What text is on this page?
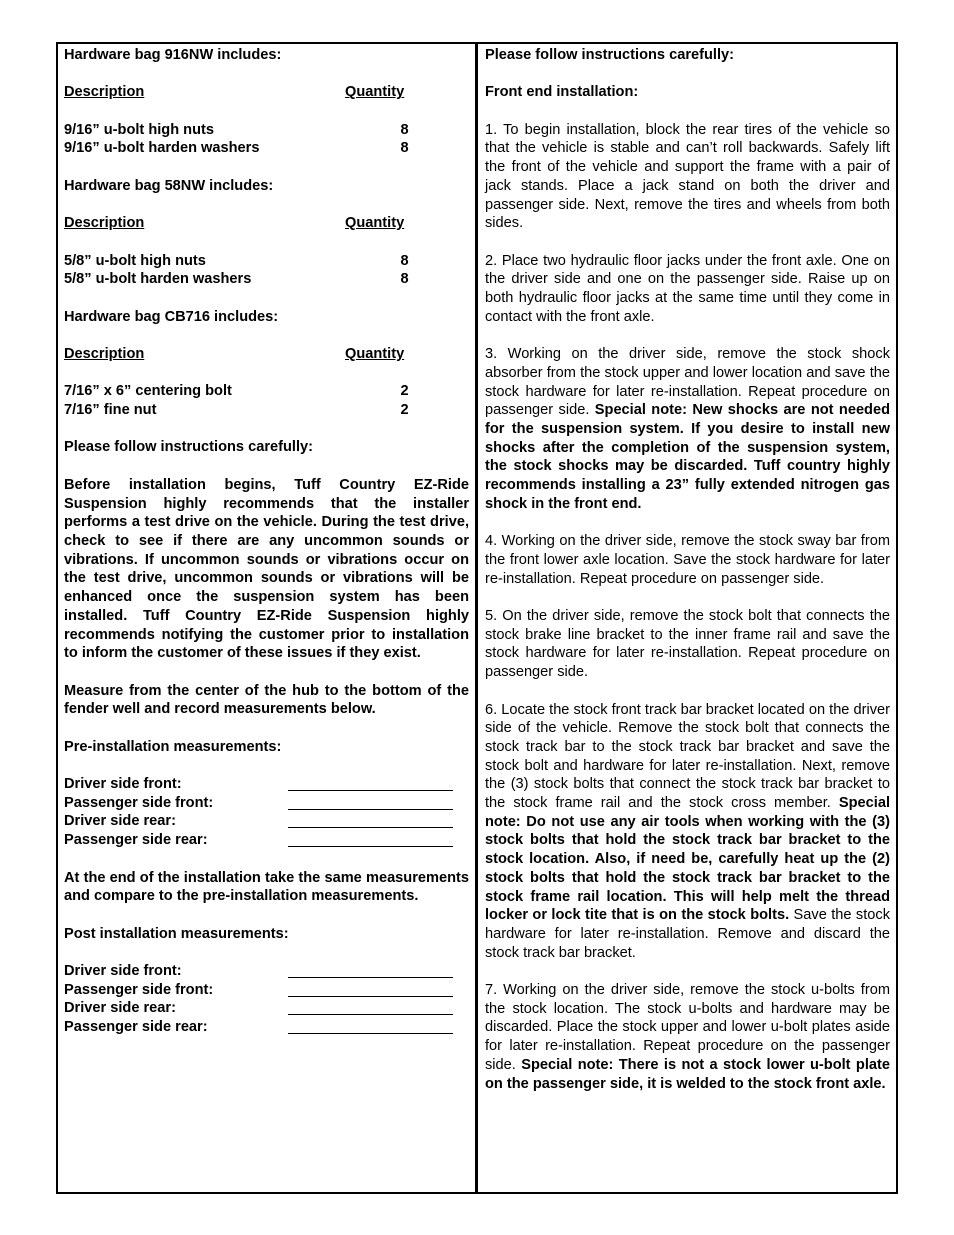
Hardware bag 916NW includes:

Description	Quantity
9/16” u-bolt high nuts	8
9/16” u-bolt harden washers	8

Hardware bag 58NW includes:

Description	Quantity
5/8” u-bolt high nuts	8
5/8” u-bolt harden washers	8

Hardware bag CB716 includes:

Description	Quantity
7/16” x 6” centering bolt	2
7/16” fine nut	2

Please follow instructions carefully:

Before installation begins, Tuff Country EZ-Ride Suspension highly recommends that the installer performs a test drive on the vehicle. During the test drive, check to see if there are any uncommon sounds or vibrations. If uncommon sounds or vibrations occur on the test drive, uncommon sounds or vibrations will be enhanced once the suspension system has been installed. Tuff Country EZ-Ride Suspension highly recommends notifying the customer prior to installation to inform the customer of these issues if they exist.

Measure from the center of the hub to the bottom of the fender well and record measurements below.

Pre-installation measurements:

Driver side front:
Passenger side front:
Driver side rear:
Passenger side rear:

At the end of the installation take the same measurements and compare to the pre-installation measurements.

Post installation measurements:

Driver side front:
Passenger side front:
Driver side rear:
Passenger side rear:

Please follow instructions carefully:

Front end installation:

1. To begin installation, block the rear tires of the vehicle so that the vehicle is stable and can’t roll backwards. Safely lift the front of the vehicle and support the frame with a pair of jack stands. Place a jack stand on both the driver and passenger side. Next, remove the tires and wheels from both sides.

2. Place two hydraulic floor jacks under the front axle. One on the driver side and one on the passenger side. Raise up on both hydraulic floor jacks at the same time until they come in contact with the front axle.

3. Working on the driver side, remove the stock shock absorber from the stock upper and lower location and save the stock hardware for later re-installation. Repeat procedure on passenger side. Special note: New shocks are not needed for the suspension system. If you desire to install new shocks after the completion of the suspension system, the stock shocks may be discarded. Tuff country highly recommends installing a 23” fully extended nitrogen gas shock in the front end.

4. Working on the driver side, remove the stock sway bar from the front lower axle location. Save the stock hardware for later re-installation. Repeat procedure on passenger side.

5. On the driver side, remove the stock bolt that connects the stock brake line bracket to the inner frame rail and save the stock hardware for later re-installation. Repeat procedure on passenger side.

6. Locate the stock front track bar bracket located on the driver side of the vehicle. Remove the stock bolt that connects the stock track bar to the stock track bar bracket and save the stock bolt and hardware for later re-installation. Next, remove the (3) stock bolts that connect the stock track bar bracket to the stock frame rail and the stock cross member. Special note: Do not use any air tools when working with the (3) stock bolts that hold the stock track bar bracket to the stock location. Also, if need be, carefully heat up the (2) stock bolts that hold the stock track bar bracket to the stock frame rail location. This will help melt the thread locker or lock tite that is on the stock bolts. Save the stock hardware for later re-installation. Remove and discard the stock track bar bracket.

7. Working on the driver side, remove the stock u-bolts from the stock location. The stock u-bolts and hardware may be discarded. Place the stock upper and lower u-bolt plates aside for later re-installation. Repeat procedure on the passenger side. Special note: There is not a stock lower u-bolt plate on the passenger side, it is welded to the stock front axle.
